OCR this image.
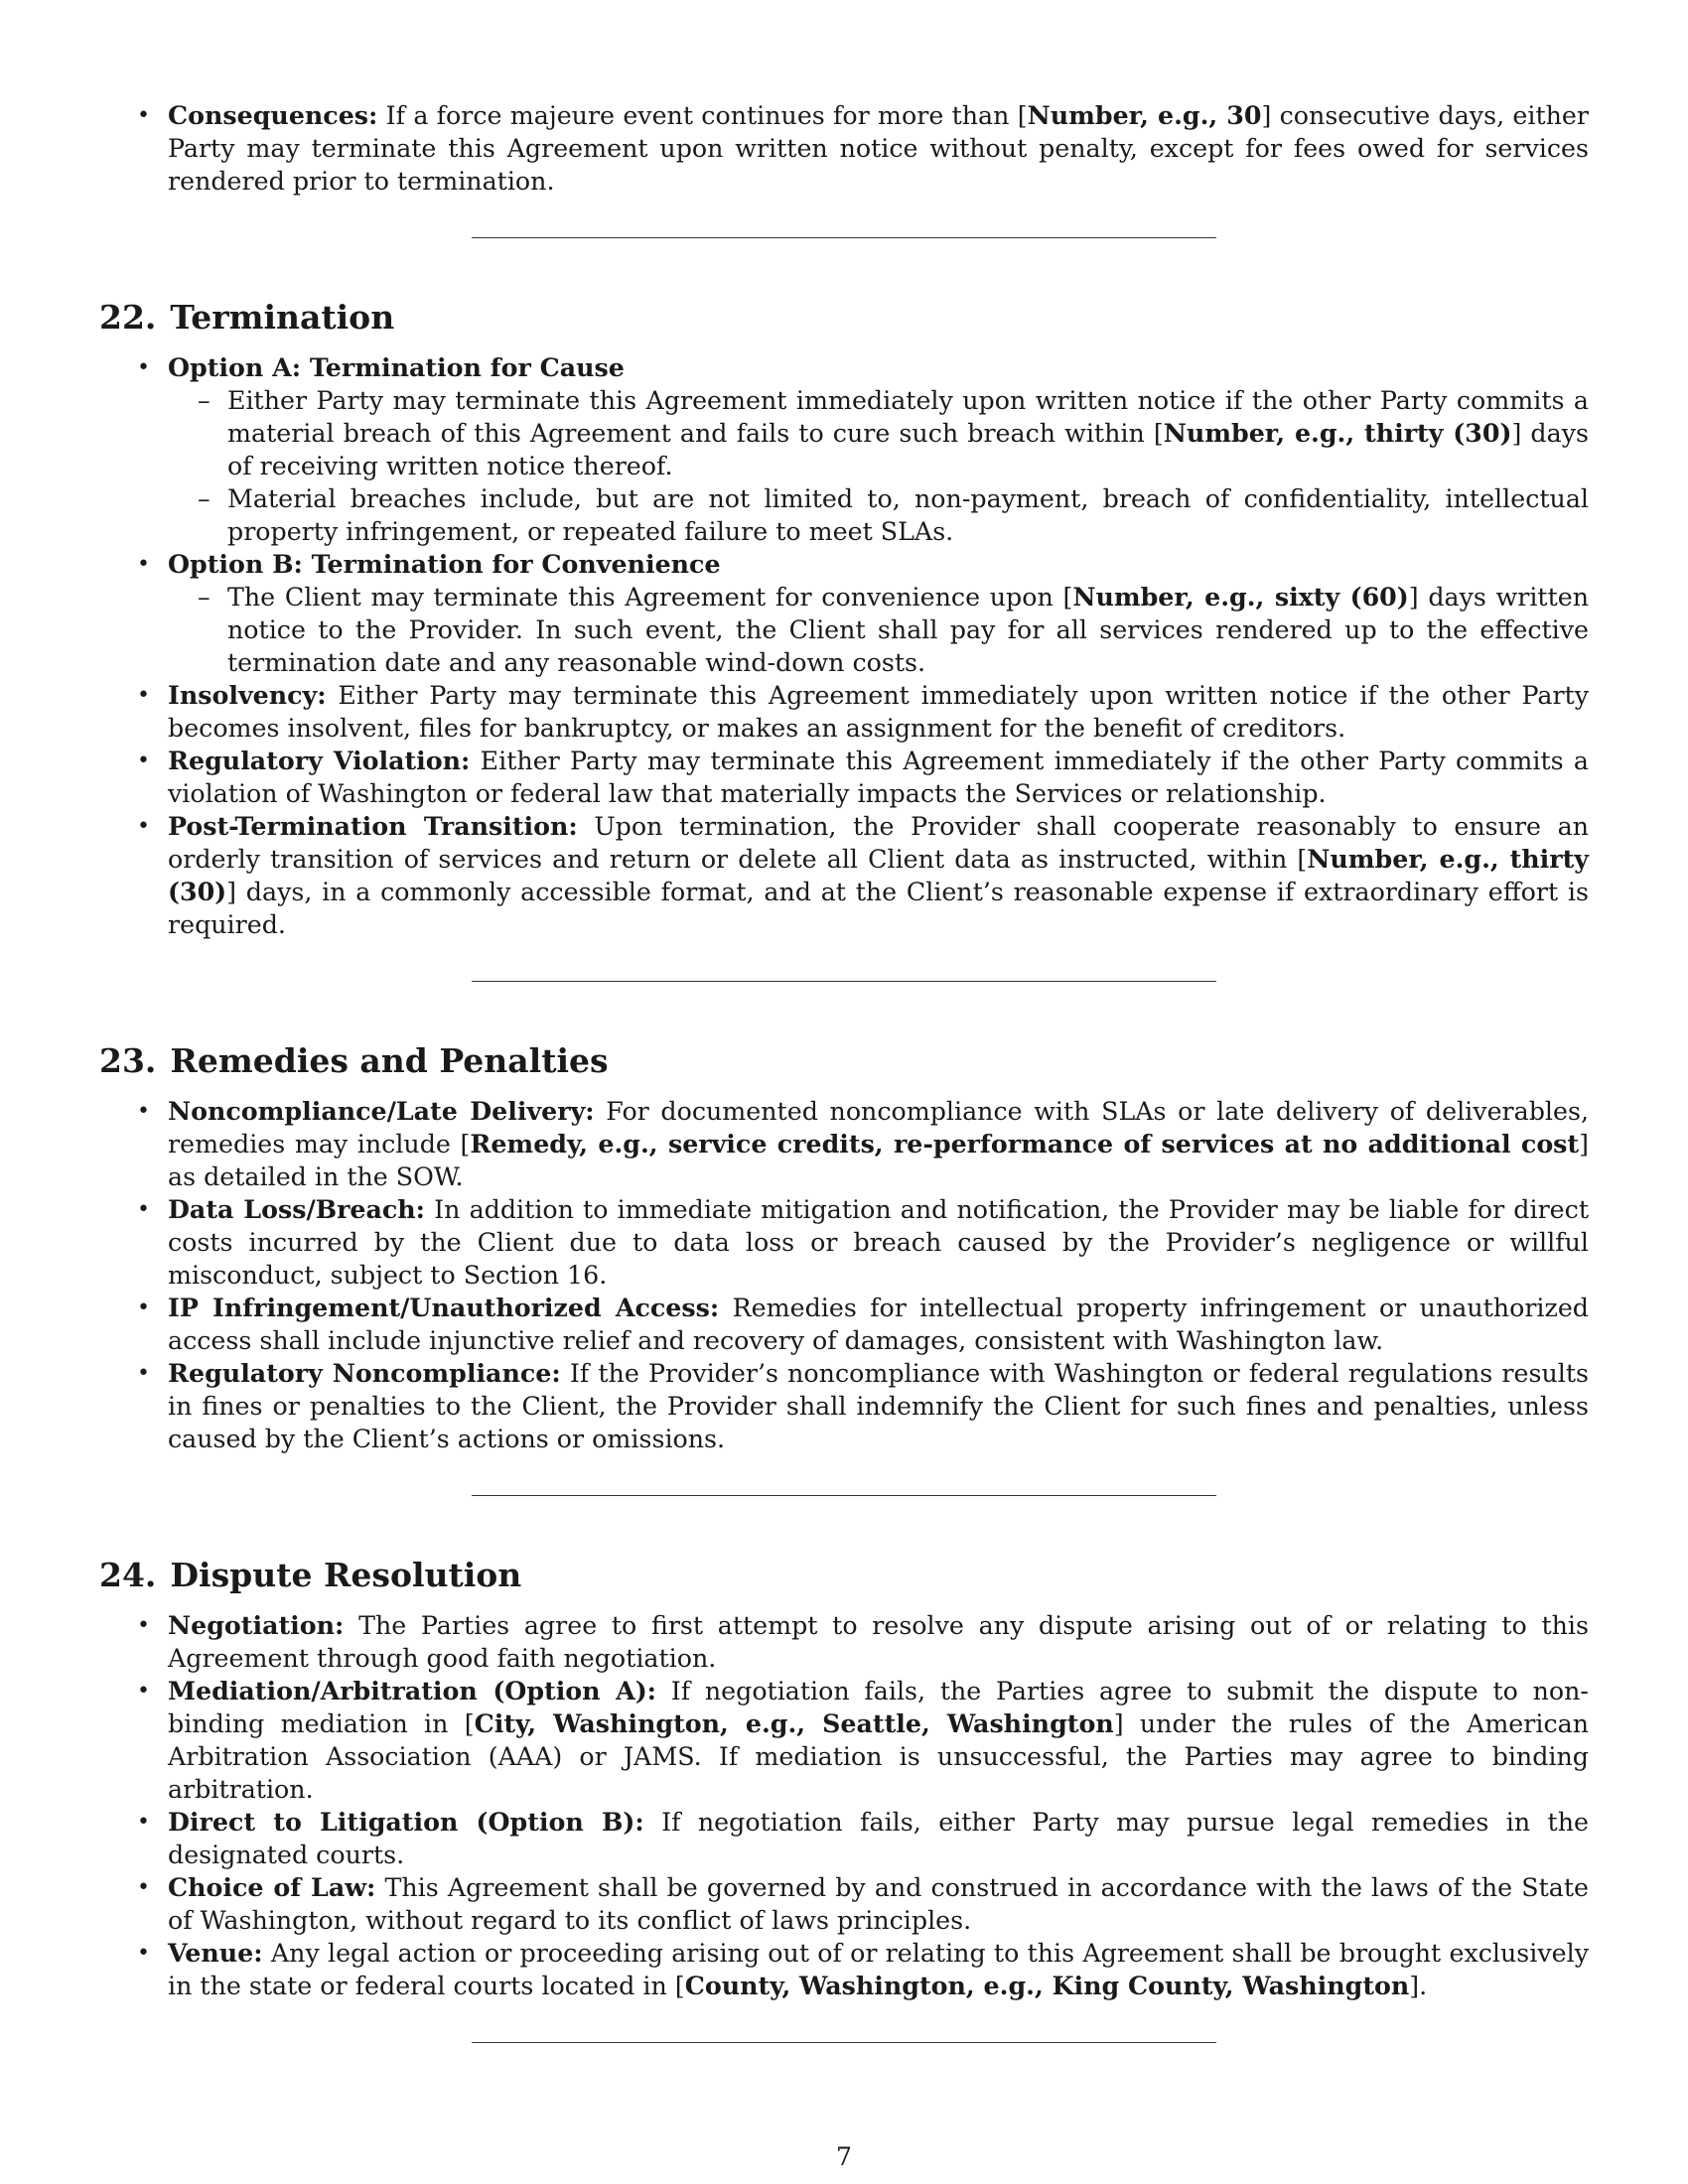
• Consequences: If a force majeure event continues for more than [Number, e.g., 30] consecutive days, either Party may terminate this Agreement upon written notice without penalty, except for fees owed for services rendered prior to termination.
22. Termination
• Option A: Termination for Cause
– Either Party may terminate this Agreement immediately upon written notice if the other Party commits a material breach of this Agreement and fails to cure such breach within [Number, e.g., thirty (30)] days of receiving written notice thereof.
– Material breaches include, but are not limited to, non-payment, breach of confidentiality, intellectual property infringement, or repeated failure to meet SLAs.
• Option B: Termination for Convenience
– The Client may terminate this Agreement for convenience upon [Number, e.g., sixty (60)] days written notice to the Provider. In such event, the Client shall pay for all services rendered up to the effective termination date and any reasonable wind-down costs.
• Insolvency: Either Party may terminate this Agreement immediately upon written notice if the other Party becomes insolvent, files for bankruptcy, or makes an assignment for the benefit of creditors.
• Regulatory Violation: Either Party may terminate this Agreement immediately if the other Party commits a violation of Washington or federal law that materially impacts the Services or relationship.
• Post-Termination Transition: Upon termination, the Provider shall cooperate reasonably to ensure an orderly transition of services and return or delete all Client data as instructed, within [Number, e.g., thirty (30)] days, in a commonly accessible format, and at the Client’s reasonable expense if extraordinary effort is required.
23. Remedies and Penalties
• Noncompliance/Late Delivery: For documented noncompliance with SLAs or late delivery of deliverables, remedies may include [Remedy, e.g., service credits, re-performance of services at no additional cost] as detailed in the SOW.
• Data Loss/Breach: In addition to immediate mitigation and notification, the Provider may be liable for direct costs incurred by the Client due to data loss or breach caused by the Provider’s negligence or willful misconduct, subject to Section 16.
• IP Infringement/Unauthorized Access: Remedies for intellectual property infringement or unauthorized access shall include injunctive relief and recovery of damages, consistent with Washington law.
• Regulatory Noncompliance: If the Provider’s noncompliance with Washington or federal regulations results in fines or penalties to the Client, the Provider shall indemnify the Client for such fines and penalties, unless caused by the Client’s actions or omissions.
24. Dispute Resolution
• Negotiation: The Parties agree to first attempt to resolve any dispute arising out of or relating to this Agreement through good faith negotiation.
• Mediation/Arbitration (Option A): If negotiation fails, the Parties agree to submit the dispute to non-binding mediation in [City, Washington, e.g., Seattle, Washington] under the rules of the American Arbitration Association (AAA) or JAMS. If mediation is unsuccessful, the Parties may agree to binding arbitration.
• Direct to Litigation (Option B): If negotiation fails, either Party may pursue legal remedies in the designated courts.
• Choice of Law: This Agreement shall be governed by and construed in accordance with the laws of the State of Washington, without regard to its conflict of laws principles.
• Venue: Any legal action or proceeding arising out of or relating to this Agreement shall be brought exclusively in the state or federal courts located in [County, Washington, e.g., King County, Washington].
7
